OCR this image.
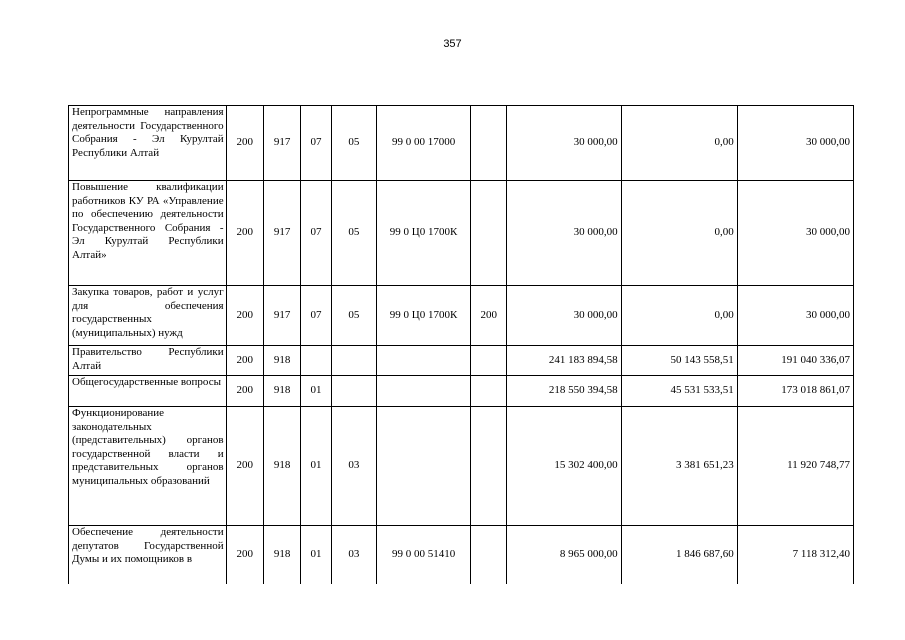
357
Непрограммные направления деятельности Государственного Собрания - Эл Курултай Республики Алтай	200	917	07	05	99 0 00 17000		30 000,00	0,00	30 000,00
Повышение квалификации работников КУ РА «Управление по обеспечению деятельности Государственного Собрания - Эл Курултай Республики Алтай»	200	917	07	05	99 0 Ц0 1700К		30 000,00	0,00	30 000,00
Закупка товаров, работ и услуг для обеспечения государственных (муниципальных) нужд	200	917	07	05	99 0 Ц0 1700К	200	30 000,00	0,00	30 000,00
Правительство Республики Алтай	200	918					241 183 894,58	50 143 558,51	191 040 336,07
Общегосударственные вопросы	200	918	01				218 550 394,58	45 531 533,51	173 018 861,07
Функционирование законодательных (представительных) органов государственной власти и представительных органов муниципальных образований	200	918	01	03			15 302 400,00	3 381 651,23	11 920 748,77
Обеспечение деятельности депутатов Государственной Думы и их помощников в	200	918	01	03	99 0 00 51410		8 965 000,00	1 846 687,60	7 118 312,40
